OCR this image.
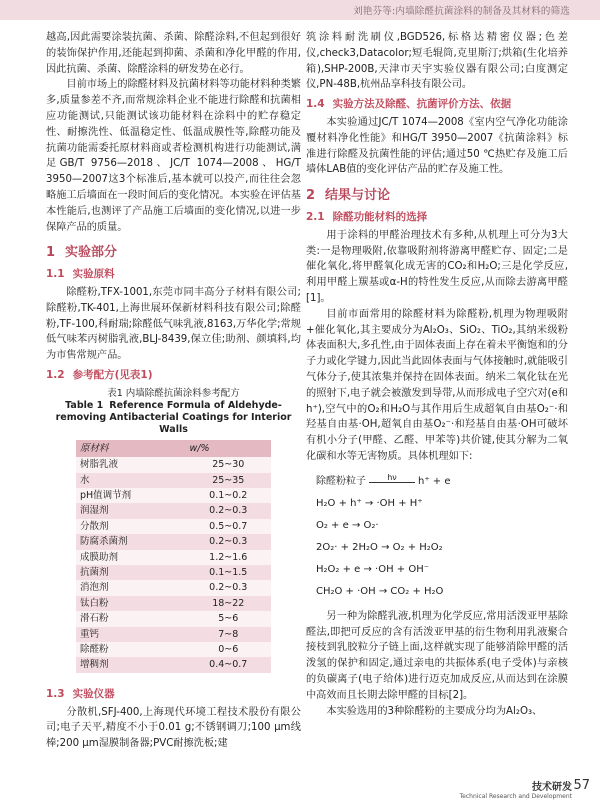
刘艳芬等:内墙除醛抗菌涂料的制备及其材料的筛选

越高,因此需要涂装抗菌、杀菌、除醛涂料,不但起到很好的装饰保护作用,还能起到抑菌、杀菌和净化甲醛的作用,因此抗菌、杀菌、除醛涂料的研发势在必行。

目前市场上的除醛材料及抗菌材料等功能材料种类繁多,质量参差不齐,而常规涂料企业不能进行除醛和抗菌相应功能测试,只能测试该功能材料在涂料中的贮存稳定性、耐擦洗性、低温稳定性、低温成膜性等,除醛功能及抗菌功能需委托原材料商或者检测机构进行功能测试,满足GB/T 9756—2018、JC/T 1074—2008、HG/T 3950—2007这3个标准后,基本就可以投产,而往往会忽略施工后墙面在一段时间后的变化情况。本实验在评估基本性能后,也测评了产品施工后墙面的变化情况,以进一步保障产品的质量。

1 实验部分
1.1 实验原料

除醛粉,TFX-1001,东莞市同丰高分子材料有限公司;除醛粉,TK-401,上海世展环保新材料科技有限公司;除醛粉,TF-100,科耐瑞;除醛低气味乳液,8163,万华化学;常规低气味苯丙树脂乳液,BLJ-8439,保立佳;助剂、颜填料,均为市售常规产品。

1.2 参考配方(见表1)
表1 内墙除醛抗菌涂料参考配方
Table 1 Reference Formula of Aldehyde-removing Antibacterial Coatings for Interior Walls
原材料	w/%
树脂乳液	25~30
水	25~35
pH值调节剂	0.1~0.2
润湿剂	0.2~0.3
分散剂	0.5~0.7
防腐杀菌剂	0.2~0.3
成膜助剂	1.2~1.6
抗菌剂	0.1~1.5
消泡剂	0.2~0.3
钛白粉	18~22
滑石粉	5~6
重钙	7~8
除醛粉	0~6
增稠剂	0.4~0.7
1.3 实验仪器

分散机,SFJ-400,上海现代环境工程技术股份有限公司;电子天平,精度不小于0.01 g;不锈钢调刀;100 μm线棒;200 μm湿膜制备器;PVC耐擦洗板;建

筑涂料耐洗刷仪,BGD526,标格达精密仪器;色差仪,check3,Datacolor;短毛辊筒,克里斯汀;烘箱(生化培养箱),SHP-200B,天津市天宇实验仪器有限公司;白度测定仪,PN-48B,杭州品享科技有限公司。

1.4 实验方法及除醛、抗菌评价方法、依据

本实验通过JC/T 1074—2008《室内空气净化功能涂覆材料净化性能》和HG/T 3950—2007《抗菌涂料》标准进行除醛及抗菌性能的评估;通过50 ℃热贮存及施工后墙体LAB值的变化评估产品的贮存及施工性。

2 结果与讨论
2.1 除醛功能材料的选择

用于涂料的甲醛治理技术有多种,从机理上可分为3大类:一是物理吸附,依靠吸附剂将游离甲醛贮存、固定;二是催化氧化,将甲醛氧化成无害的CO₂和H₂O;三是化学反应,利用甲醛上羰基或α-H的特性发生反应,从而除去游离甲醛[1]。

目前市面常用的除醛材料为除醛粉,机理为物理吸附+催化氧化,其主要成分为Al₂O₃、SiO₂、TiO₂,其纳米级粉体表面积大,多孔性,由于固体表面上存在着未平衡饱和的分子力或化学键力,因此当此固体表面与气体接触时,就能吸引气体分子,使其浓集并保持在固体表面。纳米二氧化钛在光的照射下,电子就会被激发到导带,从而形成电子空穴对(e和h⁺),空气中的O₂和H₂O与其作用后生成超氧自由基O₂⁻·和羟基自由基·OH,超氧自由基O₂⁻·和羟基自由基·OH可破坏有机小分子(甲醛、乙醛、甲苯等)共价键,使其分解为二氧化碳和水等无害物质。具体机理如下:

除醛粉粒子	hν h⁺ + e
H₂O + h⁺ → ·OH + H⁺
O₂ + e → O₂·
2O₂· + 2H₂O → O₂ + H₂O₂
H₂O₂ + e → ·OH + OH⁻
CH₂O + ·OH → CO₂ + H₂O

另一种为除醛乳液,机理为化学反应,常用活泼亚甲基除醛法,即把可反应的含有活泼亚甲基的衍生物利用乳液聚合接枝到乳胶粒分子链上面,这样就实现了能够消除甲醛的活泼氢的保护和固定,通过亲电的共振体系(电子受体)与亲核的负碳离子(电子给体)进行迈克加成反应,从而达到在涂膜中高效而且长期去除甲醛的目标[2]。

本实验选用的3种除醛粉的主要成分均为Al₂O₃、

技术研发
Technical Research and Development
57
